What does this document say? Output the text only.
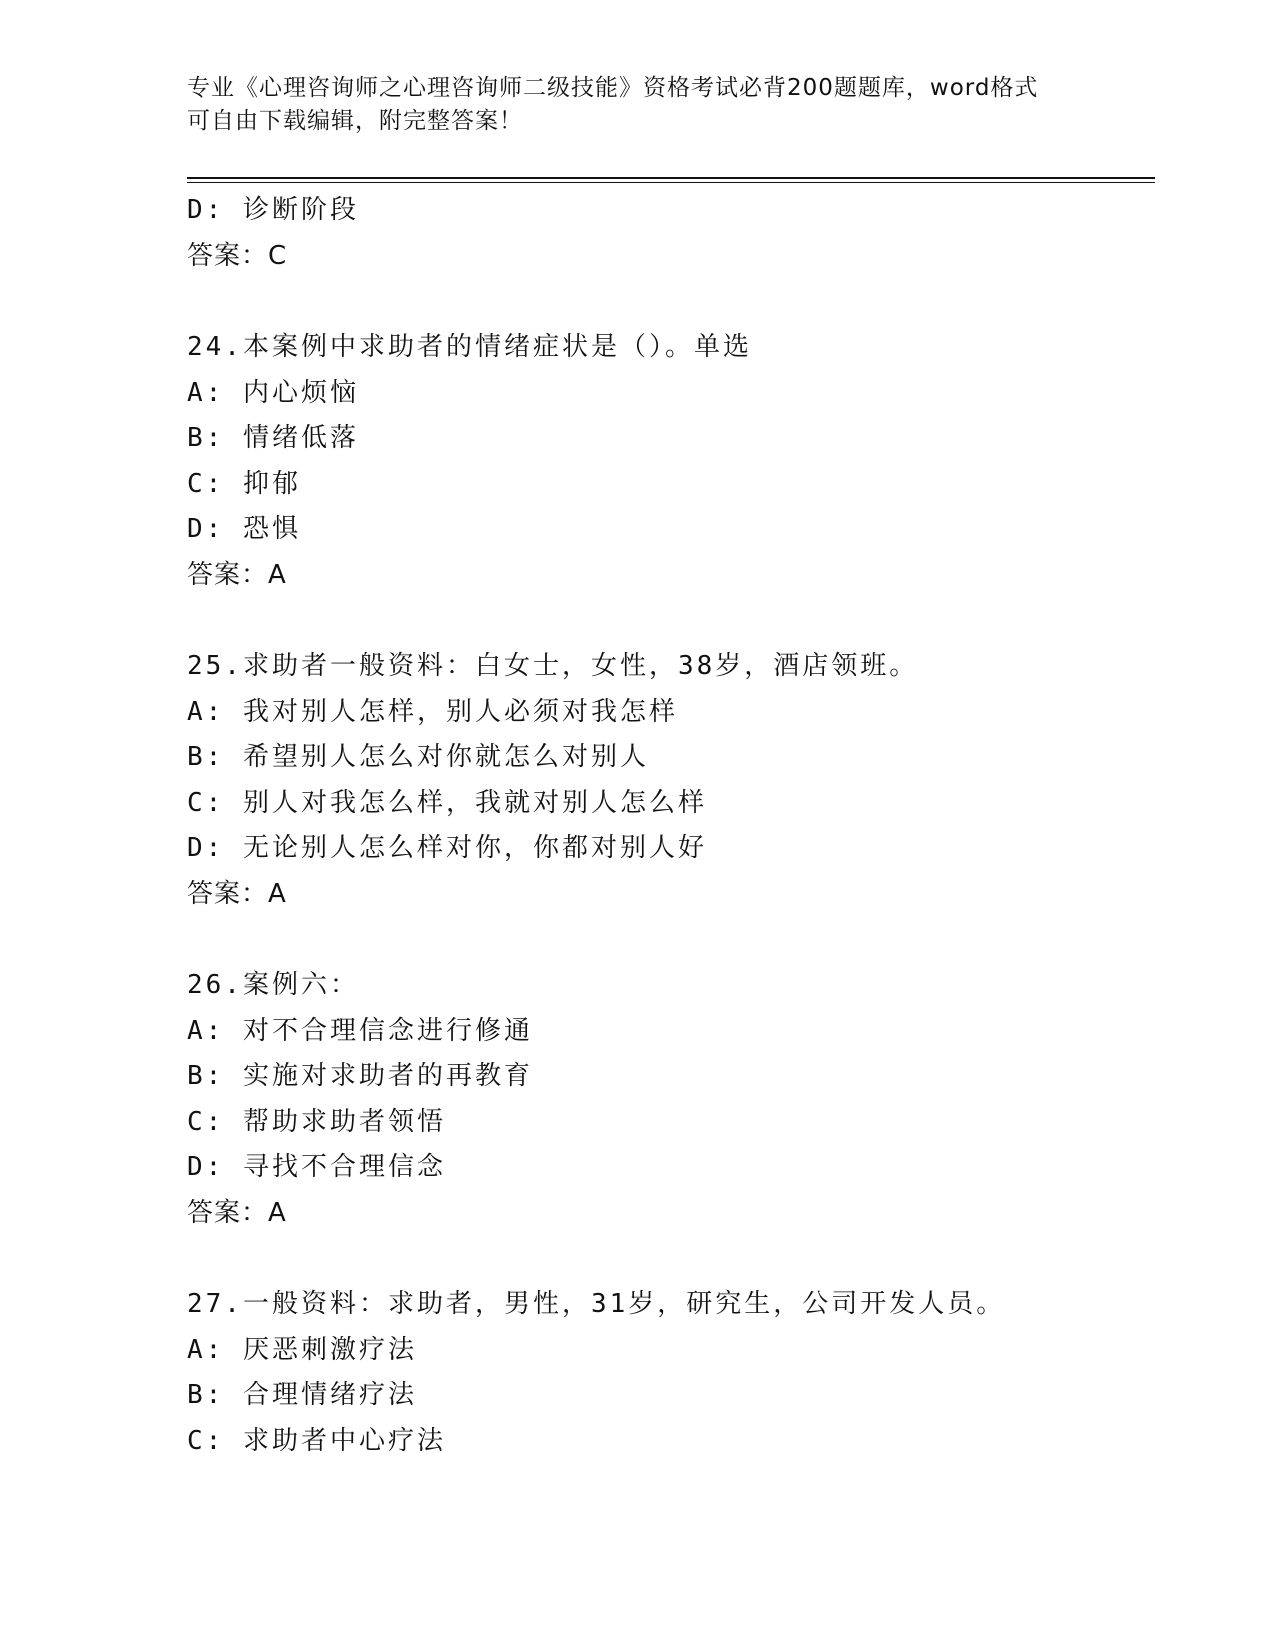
专业《心理咨询师之心理咨询师二级技能》资格考试必背200题题库，word格式
可自由下载编辑，附完整答案！
D: 诊断阶段
答案：C
24.本案例中求助者的情绪症状是（）。单选
A: 内心烦恼
B: 情绪低落
C: 抑郁
D: 恐惧
答案：A
25.求助者一般资料：白女士，女性，38岁，酒店领班。
A: 我对别人怎样，别人必须对我怎样
B: 希望别人怎么对你就怎么对别人
C: 别人对我怎么样，我就对别人怎么样
D: 无论别人怎么样对你，你都对别人好
答案：A
26.案例六：
A: 对不合理信念进行修通
B: 实施对求助者的再教育
C: 帮助求助者领悟
D: 寻找不合理信念
答案：A
27.一般资料：求助者，男性，31岁，研究生，公司开发人员。
A: 厌恶刺激疗法
B: 合理情绪疗法
C: 求助者中心疗法
